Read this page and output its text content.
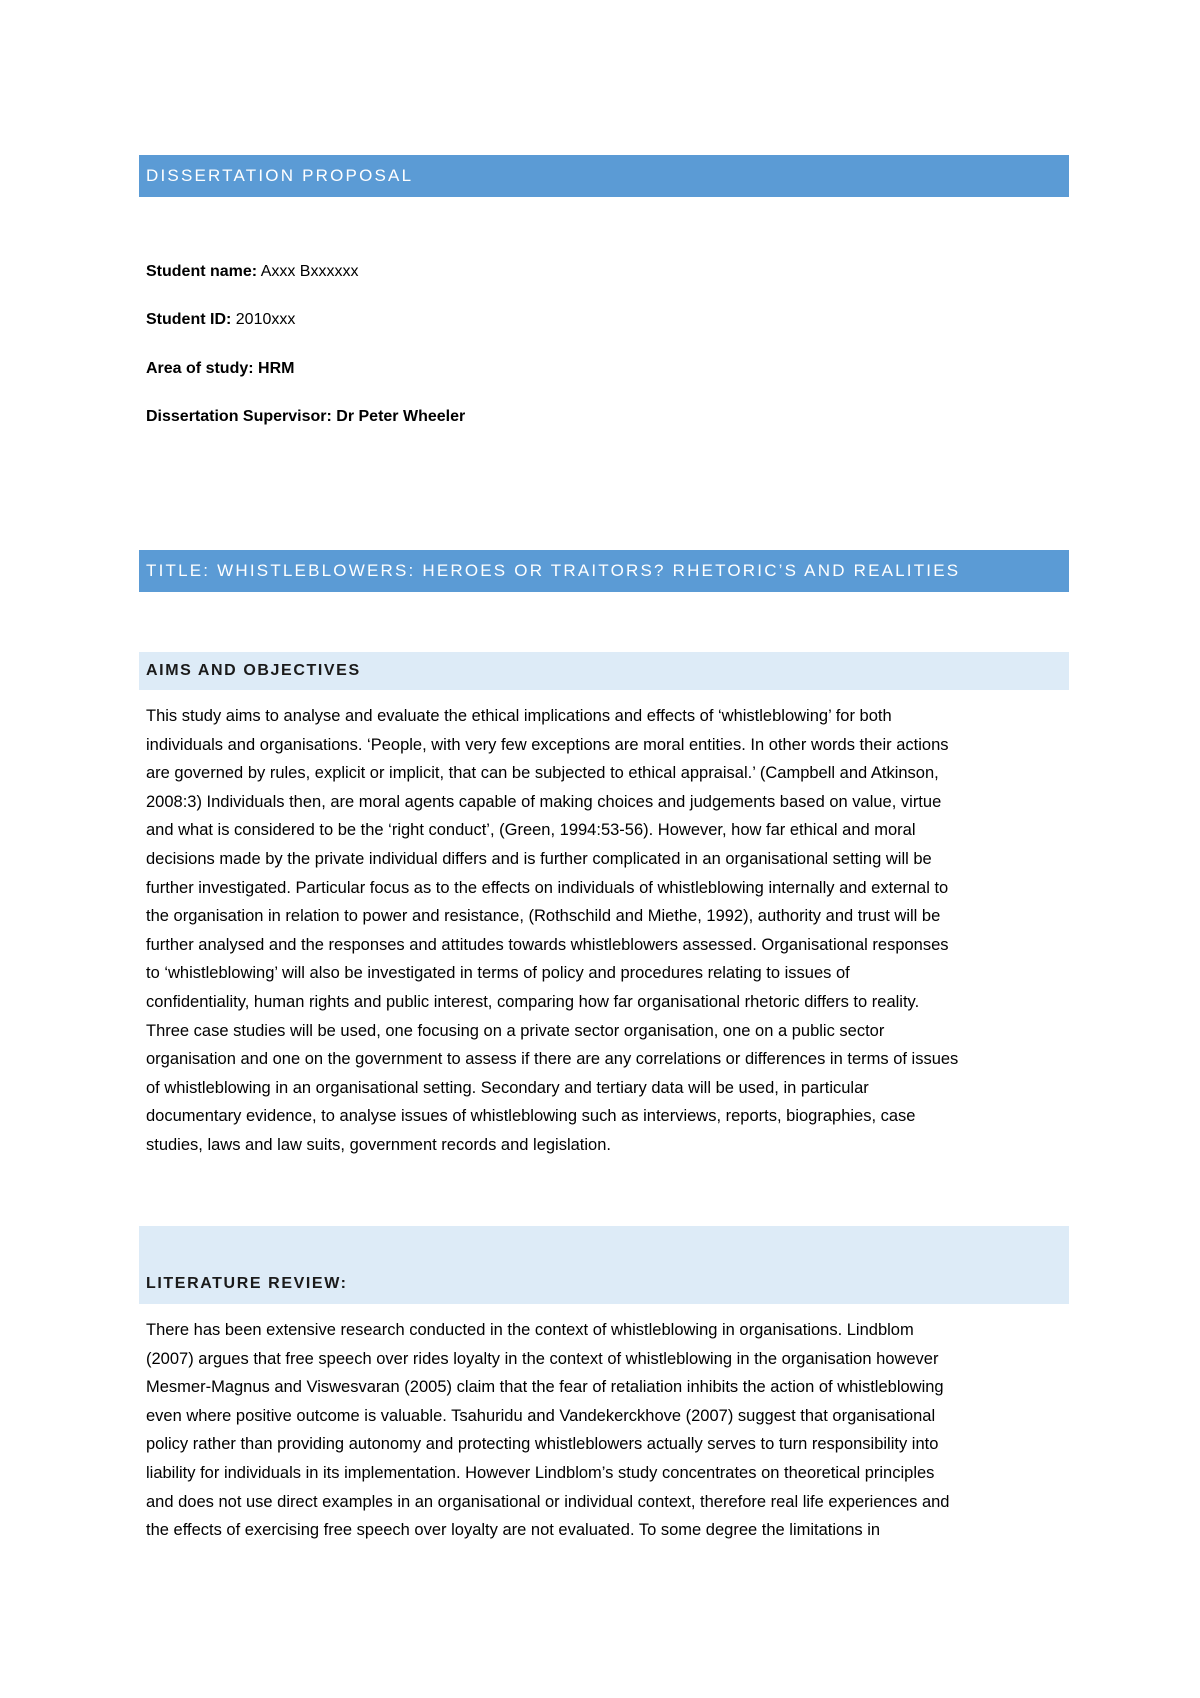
DISSERTATION PROPOSAL
Student name: Axxx Bxxxxxx
Student ID: 2010xxx
Area of study: HRM
Dissertation Supervisor: Dr Peter Wheeler
TITLE: WHISTLEBLOWERS: HEROES OR TRAITORS? RHETORIC’S AND REALITIES
AIMS AND OBJECTIVES
This study aims to analyse and evaluate the ethical implications and effects of ‘whistleblowing’ for both
individuals and organisations. ‘People, with very few exceptions are moral entities. In other words their actions
are governed by rules, explicit or implicit, that can be subjected to ethical appraisal.’ (Campbell and Atkinson,
2008:3) Individuals then, are moral agents capable of making choices and judgements based on value, virtue
and what is considered to be the ‘right conduct’, (Green, 1994:53-56). However, how far ethical and moral
decisions made by the private individual differs and is further complicated in an organisational setting will be
further investigated. Particular focus as to the effects on individuals of whistleblowing internally and external to
the organisation in relation to power and resistance, (Rothschild and Miethe, 1992), authority and trust will be
further analysed and the responses and attitudes towards whistleblowers assessed. Organisational responses
to ‘whistleblowing’ will also be investigated in terms of policy and procedures relating to issues of
confidentiality, human rights and public interest, comparing how far organisational rhetoric differs to reality.
Three case studies will be used, one focusing on a private sector organisation, one on a public sector
organisation and one on the government to assess if there are any correlations or differences in terms of issues
of whistleblowing in an organisational setting. Secondary and tertiary data will be used, in particular
documentary evidence, to analyse issues of whistleblowing such as interviews, reports, biographies, case
studies, laws and law suits, government records and legislation.
LITERATURE REVIEW:
There has been extensive research conducted in the context of whistleblowing in organisations. Lindblom
(2007) argues that free speech over rides loyalty in the context of whistleblowing in the organisation however
Mesmer-Magnus and Viswesvaran (2005) claim that the fear of retaliation inhibits the action of whistleblowing
even where positive outcome is valuable. Tsahuridu and Vandekerckhove (2007) suggest that organisational
policy rather than providing autonomy and protecting whistleblowers actually serves to turn responsibility into
liability for individuals in its implementation. However Lindblom’s study concentrates on theoretical principles
and does not use direct examples in an organisational or individual context, therefore real life experiences and
the effects of exercising free speech over loyalty are not evaluated. To some degree the limitations in
